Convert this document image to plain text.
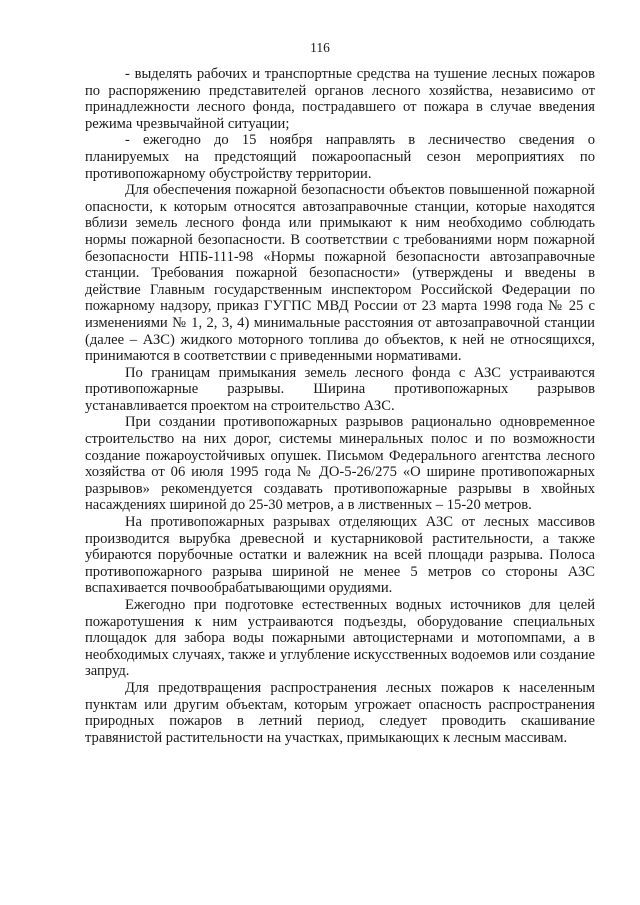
116

- выделять рабочих и транспортные средства на тушение лесных пожаров по распоряжению представителей органов лесного хозяйства, независимо от принадлежности лесного фонда, пострадавшего от пожара в случае введения режима чрезвычайной ситуации;

- ежегодно до 15 ноября направлять в лесничество сведения о планируемых на предстоящий пожароопасный сезон мероприятиях по противопожарному обустройству территории.

Для обеспечения пожарной безопасности объектов повышенной пожарной опасности, к которым относятся автозаправочные станции, которые находятся вблизи земель лесного фонда или примыкают к ним необходимо соблюдать нормы пожарной безопасности. В соответствии с требованиями норм пожарной безопасности НПБ-111-98 «Нормы пожарной безопасности автозаправочные станции. Требования пожарной безопасности» (утверждены и введены в действие Главным государственным инспектором Российской Федерации по пожарному надзору, приказ ГУГПС МВД России от 23 марта 1998 года № 25 с изменениями № 1, 2, 3, 4) минимальные расстояния от автозаправочной станции (далее – АЗС) жидкого моторного топлива до объектов, к ней не относящихся, принимаются в соответствии с приведенными нормативами.

По границам примыкания земель лесного фонда с АЗС устраиваются противопожарные разрывы. Ширина противопожарных разрывов устанавливается проектом на строительство АЗС.

При создании противопожарных разрывов рационально одновременное строительство на них дорог, системы минеральных полос и по возможности создание пожароустойчивых опушек. Письмом Федерального агентства лесного хозяйства от 06 июля 1995 года № ДО-5-26/275 «О ширине противопожарных разрывов» рекомендуется создавать противопожарные разрывы в хвойных насаждениях шириной до 25-30 метров, а в лиственных – 15-20 метров.

На противопожарных разрывах отделяющих АЗС от лесных массивов производится вырубка древесной и кустарниковой растительности, а также убираются порубочные остатки и валежник на всей площади разрыва. Полоса противопожарного разрыва шириной не менее 5 метров со стороны АЗС вспахивается почвообрабатывающими орудиями.

Ежегодно при подготовке естественных водных источников для целей пожаротушения к ним устраиваются подъезды, оборудование специальных площадок для забора воды пожарными автоцистернами и мотопомпами, а в необходимых случаях, также и углубление искусственных водоемов или создание запруд.

Для предотвращения распространения лесных пожаров к населенным пунктам или другим объектам, которым угрожает опасность распространения природных пожаров в летний период, следует проводить скашивание травянистой растительности на участках, примыкающих к лесным массивам.
